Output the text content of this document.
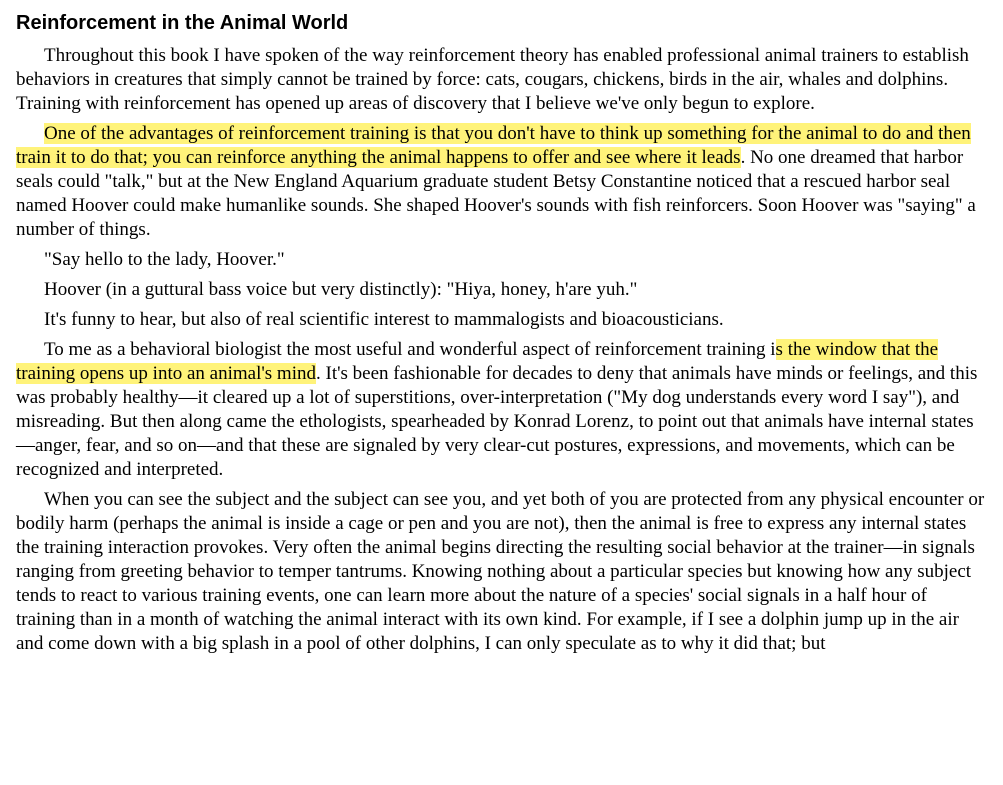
Reinforcement in the Animal World

Throughout this book I have spoken of the way reinforcement theory has enabled professional animal trainers to establish behaviors in creatures that simply cannot be trained by force: cats, cougars, chickens, birds in the air, whales and dolphins. Training with reinforcement has opened up areas of discovery that I believe we've only begun to explore.

One of the advantages of reinforcement training is that you don't have to think up something for the animal to do and then train it to do that; you can reinforce anything the animal happens to offer and see where it leads. No one dreamed that harbor seals could "talk," but at the New England Aquarium graduate student Betsy Constantine noticed that a rescued harbor seal named Hoover could make humanlike sounds. She shaped Hoover's sounds with fish reinforcers. Soon Hoover was "saying" a number of things.

"Say hello to the lady, Hoover."

Hoover (in a guttural bass voice but very distinctly): "Hiya, honey, h'are yuh."

It's funny to hear, but also of real scientific interest to mammalogists and bioacousticians.

To me as a behavioral biologist the most useful and wonderful aspect of reinforcement training is the window that the training opens up into an animal's mind. It's been fashionable for decades to deny that animals have minds or feelings, and this was probably healthy—it cleared up a lot of superstitions, over-interpretation ("My dog understands every word I say"), and misreading. But then along came the ethologists, spearheaded by Konrad Lorenz, to point out that animals have internal states—anger, fear, and so on—and that these are signaled by very clear-cut postures, expressions, and movements, which can be recognized and interpreted.

When you can see the subject and the subject can see you, and yet both of you are protected from any physical encounter or bodily harm (perhaps the animal is inside a cage or pen and you are not), then the animal is free to express any internal states the training interaction provokes. Very often the animal begins directing the resulting social behavior at the trainer—in signals ranging from greeting behavior to temper tantrums. Knowing nothing about a particular species but knowing how any subject tends to react to various training events, one can learn more about the nature of a species' social signals in a half hour of training than in a month of watching the animal interact with its own kind. For example, if I see a dolphin jump up in the air and come down with a big splash in a pool of other dolphins, I can only speculate as to why it did that; but
